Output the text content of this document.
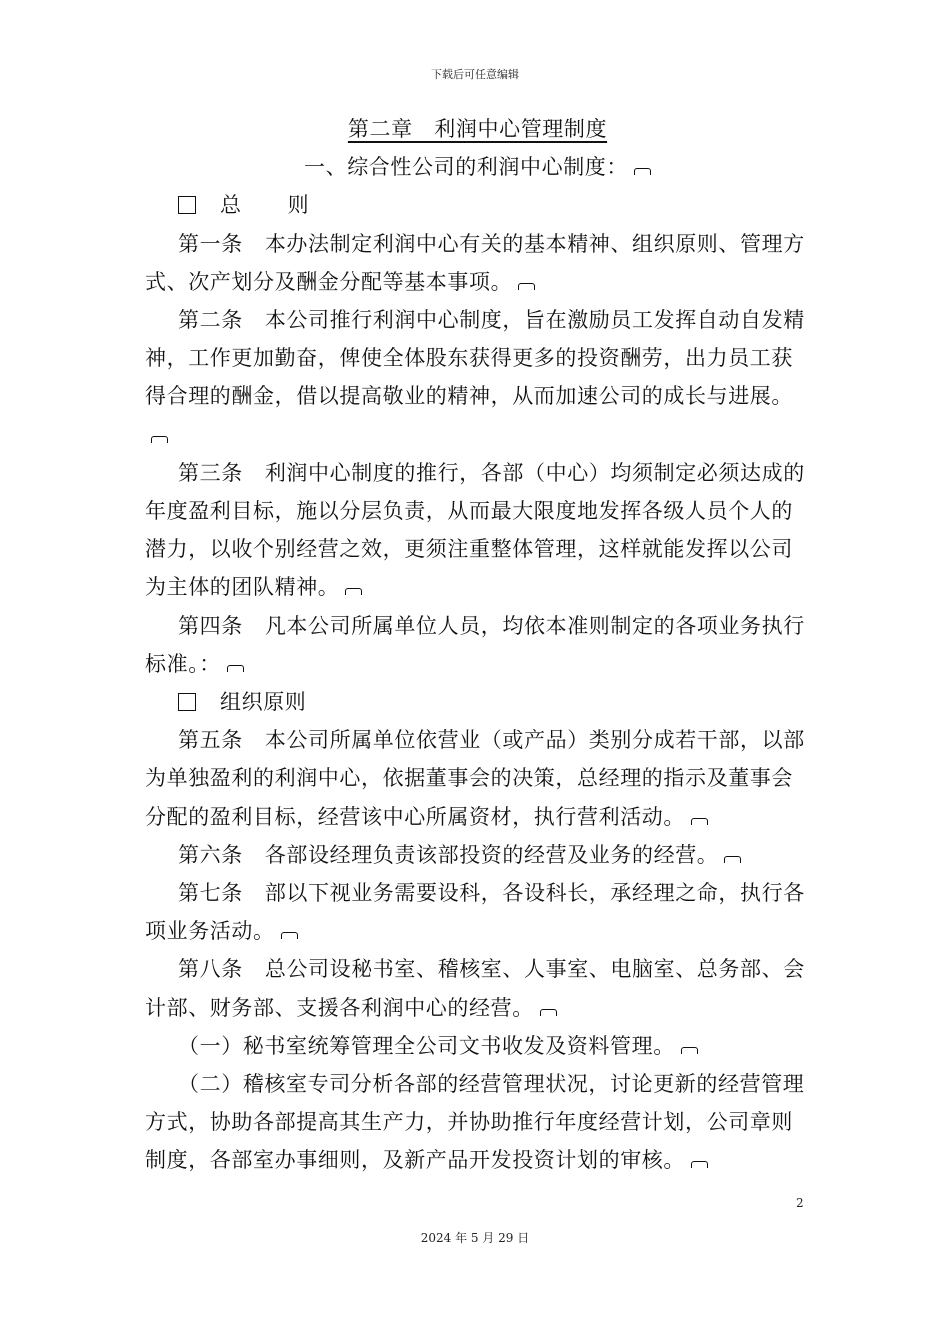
下载后可任意编辑

第二章　利润中心管理制度

一、综合性公司的利润中心制度：

总 则

第一条 本办法制定利润中心有关的基本精神、组织原则、管理方式、次产划分及酬金分配等基本事项。

第二条 本公司推行利润中心制度，旨在激励员工发挥自动自发精神，工作更加勤奋，俾使全体股东获得更多的投资酬劳，出力员工获得合理的酬金，借以提高敬业的精神，从而加速公司的成长与进展。

第三条 利润中心制度的推行，各部（中心）均须制定必须达成的年度盈利目标，施以分层负责，从而最大限度地发挥各级人员个人的潜力，以收个别经营之效，更须注重整体管理，这样就能发挥以公司为主体的团队精神。

第四条 凡本公司所属单位人员，均依本准则制定的各项业务执行标准。：

组织原则

第五条 本公司所属单位依营业（或产品）类别分成若干部，以部为单独盈利的利润中心，依据董事会的决策，总经理的指示及董事会分配的盈利目标，经营该中心所属资材，执行营利活动。

第六条 各部设经理负责该部投资的经营及业务的经营。

第七条 部以下视业务需要设科，各设科长，承经理之命，执行各项业务活动。

第八条 总公司设秘书室、稽核室、人事室、电脑室、总务部、会计部、财务部、支援各利润中心的经营。

（一）秘书室统筹管理全公司文书收发及资料管理。

（二）稽核室专司分析各部的经营管理状况，讨论更新的经营管理方式，协助各部提高其生产力，并协助推行年度经营计划，公司章则制度，各部室办事细则，及新产品开发投资计划的审核。

2
2024 年 5 月 29 日
